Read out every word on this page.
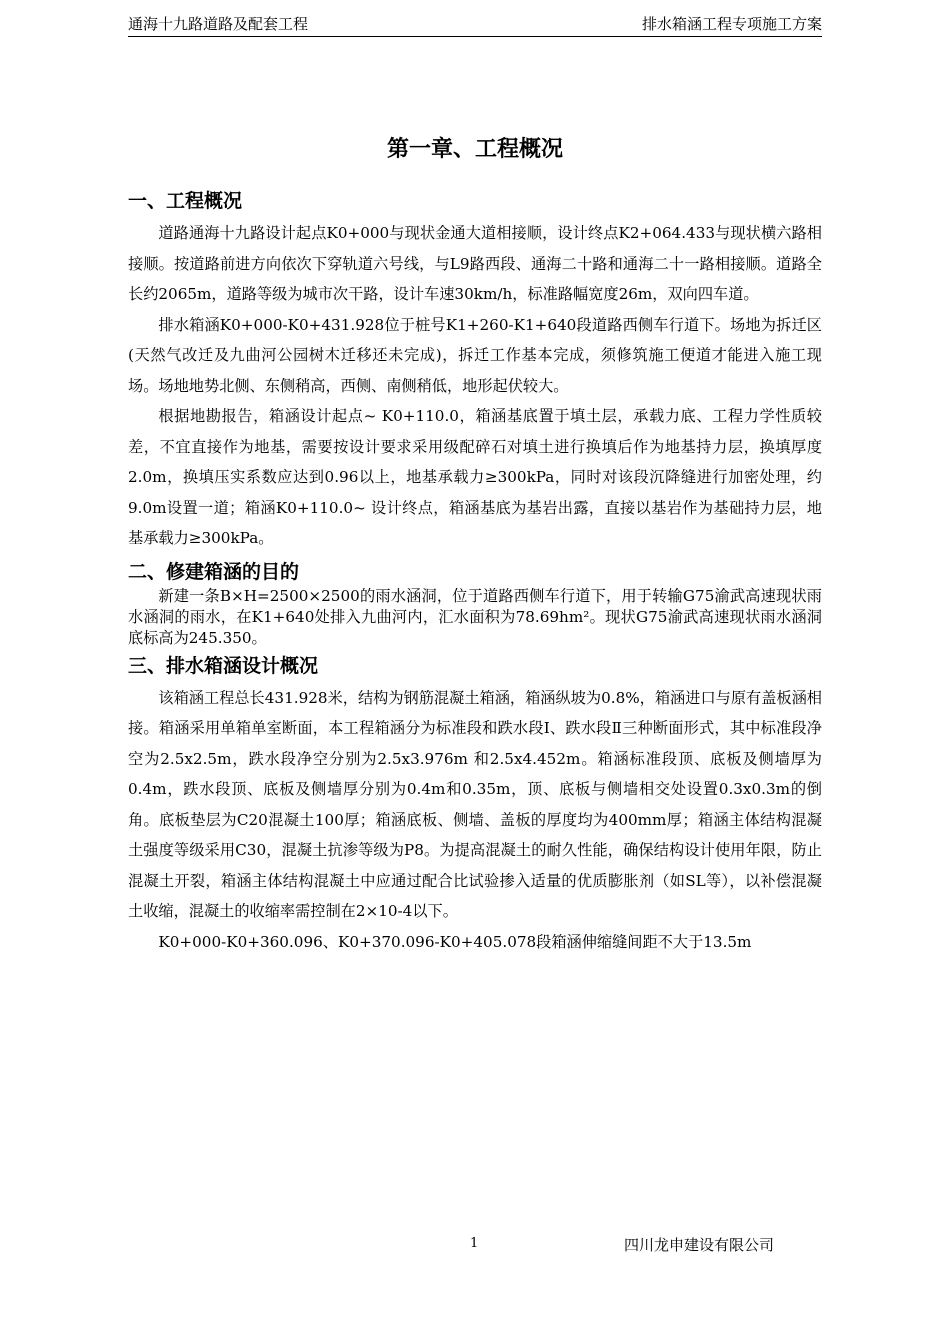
通海十九路道路及配套工程	排水箱涵工程专项施工方案
第一章、工程概况
一、工程概况

道路通海十九路设计起点K0+000与现状金通大道相接顺，设计终点K2+064.433与现状横六路相接顺。按道路前进方向依次下穿轨道六号线，与L9路西段、通海二十路和通海二十一路相接顺。道路全长约2065m，道路等级为城市次干路，设计车速30km/h，标准路幅宽度26m，双向四车道。

排水箱涵K0+000-K0+431.928位于桩号K1+260-K1+640段道路西侧车行道下。场地为拆迁区(天然气改迁及九曲河公园树木迁移还未完成)，拆迁工作基本完成，须修筑施工便道才能进入施工现场。场地地势北侧、东侧稍高，西侧、南侧稍低，地形起伏较大。

根据地勘报告，箱涵设计起点~ K0+110.0，箱涵基底置于填土层，承载力底、工程力学性质较差，不宜直接作为地基，需要按设计要求采用级配碎石对填土进行换填后作为地基持力层，换填厚度2.0m，换填压实系数应达到0.96以上，地基承载力≥300kPa，同时对该段沉降缝进行加密处理，约9.0m设置一道；箱涵K0+110.0~ 设计终点，箱涵基底为基岩出露，直接以基岩作为基础持力层，地基承载力≥300kPa。

二、修建箱涵的目的

新建一条B×H=2500×2500的雨水涵洞，位于道路西侧车行道下，用于转输G75渝武高速现状雨水涵洞的雨水，在K1+640处排入九曲河内，汇水面积为78.69hm²。现状G75渝武高速现状雨水涵洞底标高为245.350。

三、排水箱涵设计概况

该箱涵工程总长431.928米，结构为钢筋混凝土箱涵，箱涵纵坡为0.8%，箱涵进口与原有盖板涵相接。箱涵采用单箱单室断面，本工程箱涵分为标准段和跌水段Ⅰ、跌水段Ⅱ三种断面形式，其中标准段净空为2.5x2.5m，跌水段净空分别为2.5x3.976m 和2.5x4.452m。箱涵标准段顶、底板及侧墙厚为0.4m，跌水段顶、底板及侧墙厚分别为0.4m和0.35m，顶、底板与侧墙相交处设置0.3x0.3m的倒角。底板垫层为C20混凝土100厚；箱涵底板、侧墙、盖板的厚度均为400mm厚；箱涵主体结构混凝土强度等级采用C30，混凝土抗渗等级为P8。为提高混凝土的耐久性能，确保结构设计使用年限，防止混凝土开裂，箱涵主体结构混凝土中应通过配合比试验掺入适量的优质膨胀剂（如SL等），以补偿混凝土收缩，混凝土的收缩率需控制在2×10-4以下。

K0+000-K0+360.096、K0+370.096-K0+405.078段箱涵伸缩缝间距不大于13.5m

1	四川龙申建设有限公司
